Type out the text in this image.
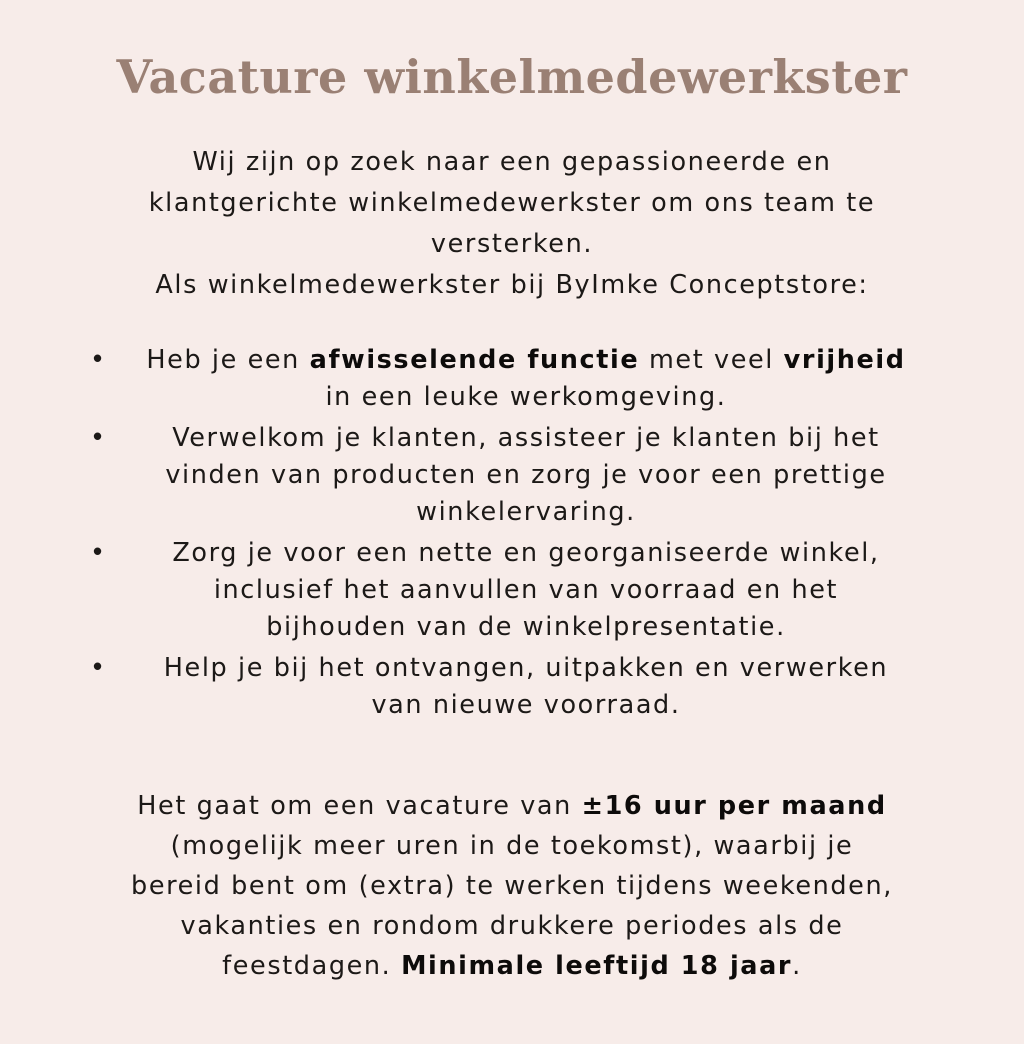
Vacature winkelmedewerkster

Wij zijn op zoek naar een gepassioneerde en
klantgerichte winkelmedewerkster om ons team te
versterken.
Als winkelmedewerkster bij ByImke Conceptstore:

•	Heb je een afwisselende functie met veel vrijheid
in een leuke werkomgeving.
•	Verwelkom je klanten, assisteer je klanten bij het
vinden van producten en zorg je voor een prettige
winkelervaring.
•	Zorg je voor een nette en georganiseerde winkel,
inclusief het aanvullen van voorraad en het
bijhouden van de winkelpresentatie.
•	Help je bij het ontvangen, uitpakken en verwerken
van nieuwe voorraad.

Het gaat om een vacature van ±16 uur per maand
(mogelijk meer uren in de toekomst), waarbij je
bereid bent om (extra) te werken tijdens weekenden,
vakanties en rondom drukkere periodes als de
feestdagen. Minimale leeftijd 18 jaar.
